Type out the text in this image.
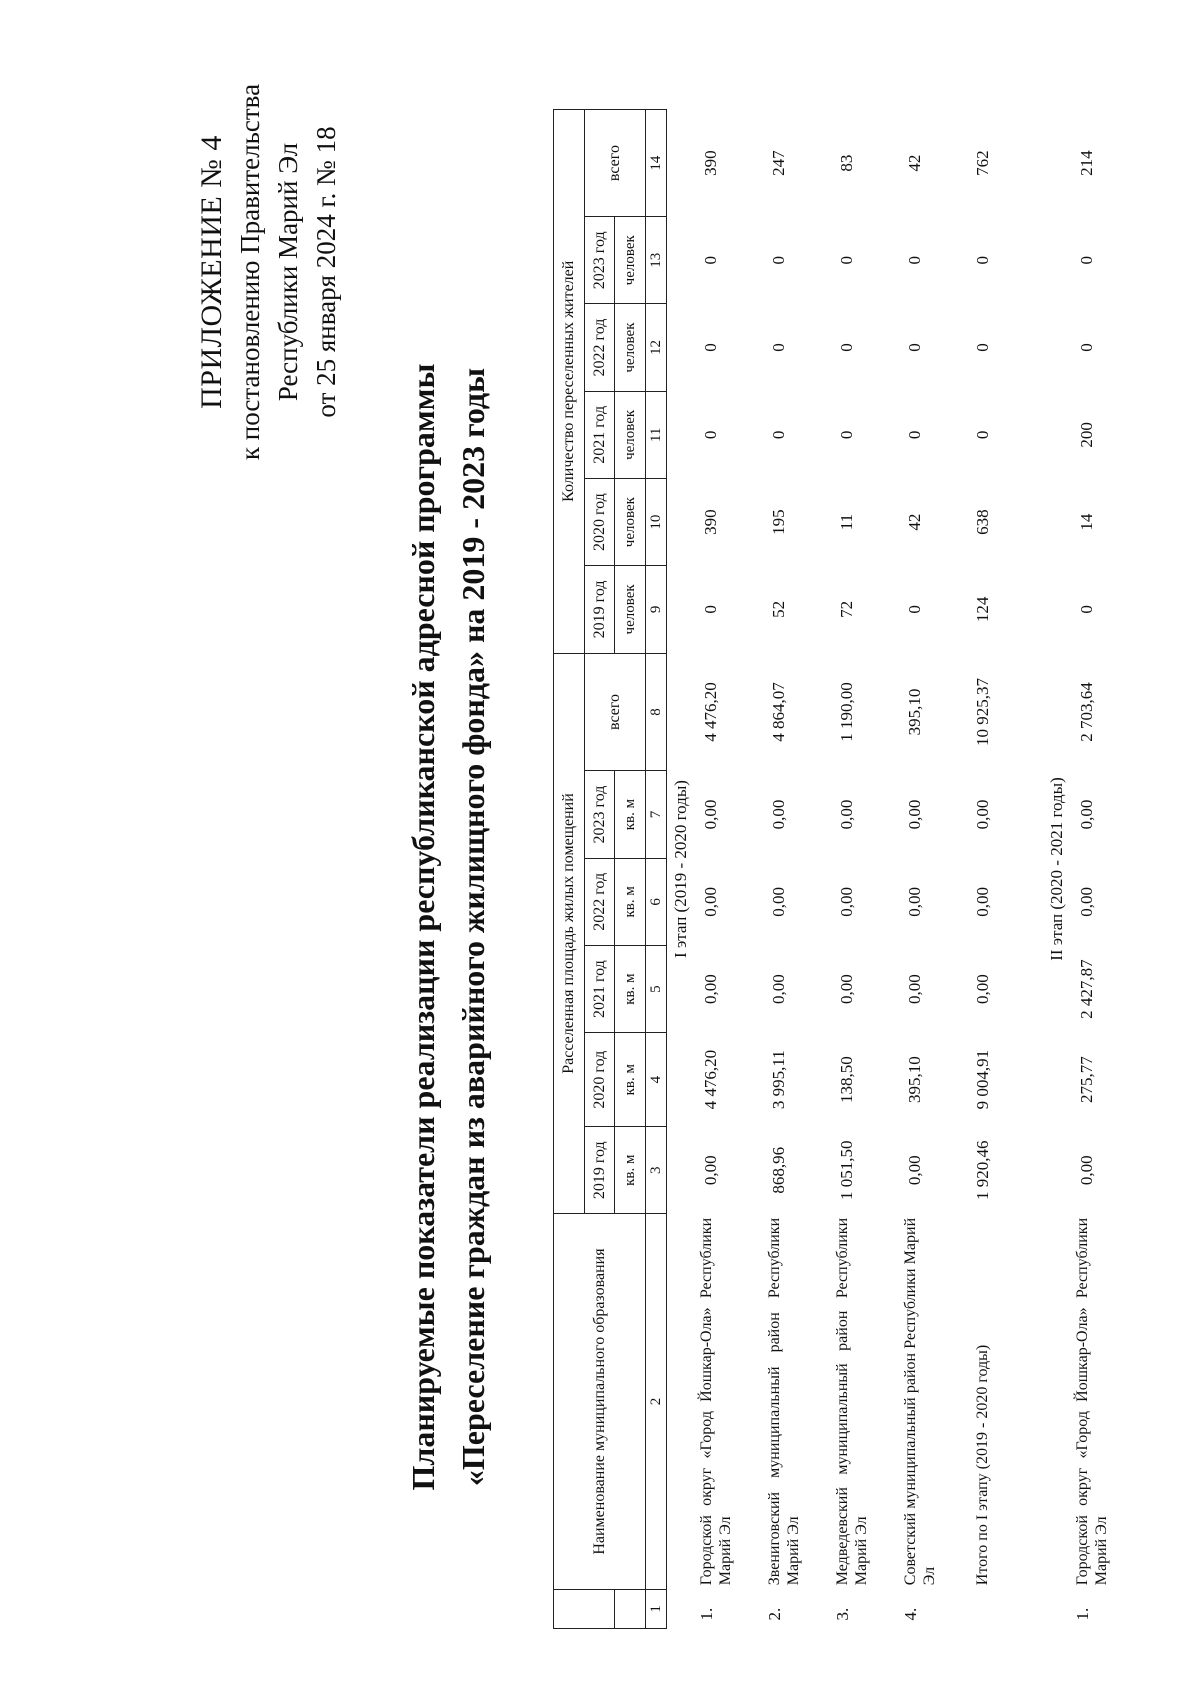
ПРИЛОЖЕНИЕ № 4 к постановлению Правительства Республики Марий Эл от 25 января 2024 г. № 18
Планируемые показатели реализации республиканской адресной программы «Переселение граждан из аварийного жилищного фонда» на 2019 - 2023 годы
		Наименование муниципального образования	Расселенная площадь жилых помещений						Количество переселенных жителей					
		2019 год	2020 год	2021 год	2022 год	2023 год	всего	2019 год	2020 год	2021 год	2022 год	2023 год	всего
		кв. м	кв. м	кв. м	кв. м	кв. м		человек	человек	человек	человек	человек	
1	2	3	4	5	6	7	8	9	10	11	12	13	14
I этап (2019 - 2020 годы)													
1.	Городской округ «Город Йошкар-Ола» Республики Марий Эл	0,00	4 476,20	0,00	0,00	0,00	4 476,20	0	390	0	0	0	390
2.	Звениговский муниципальный район Республики Марий Эл	868,96	3 995,11	0,00	0,00	0,00	4 864,07	52	195	0	0	0	247
3.	Медведевский муниципальный район Республики Марий Эл	1 051,50	138,50	0,00	0,00	0,00	1 190,00	72	11	0	0	0	83
4.	Советский муниципальный район Республики Марий Эл	0,00	395,10	0,00	0,00	0,00	395,10	0	42	0	0	0	42
	Итого по I этапу (2019 - 2020 годы)	1 920,46	9 004,91	0,00	0,00	0,00	10 925,37	124	638	0	0	0	762
II этап (2020 - 2021 годы)													
1.	Городской округ «Город Йошкар-Ола» Республики Марий Эл	0,00	275,77	2 427,87	0,00	0,00	2 703,64	0	14	200	0	0	214
